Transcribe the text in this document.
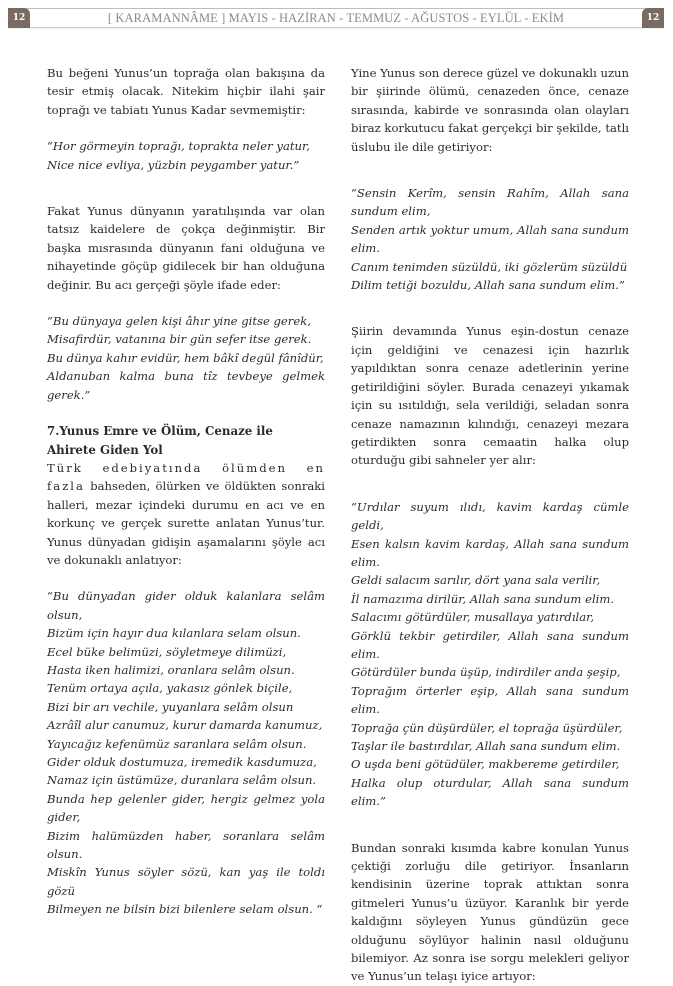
12	[ KARAMANNÂME ] MAYIS - HAZİRAN - TEMMUZ - AĞUSTOS - EYLÜL - EKİM	12

Bu beğeni Yunus’un toprağa olan bakışına da tesir etmiş olacak. Nitekim hiçbir ilahi şair toprağı ve tabiatı Yunus Kadar sevmemiştir:

“Hor görmeyin toprağı, toprakta neler yatur,
Nice nice evliya, yüzbin peygamber yatur.”

Fakat Yunus dünyanın yaratılışında var olan tatsız kaidelere de çokça değinmiştir. Bir başka mısrasında dünyanın fani olduğuna ve nihayetinde göçüp gidilecek bir han olduğuna değinir. Bu acı gerçeği şöyle ifade eder:

“Bu dünyaya gelen kişi âhır yine gitse gerek,
Misafirdür, vatanına bir gün sefer itse gerek.
Bu dünya kahır evidür, hem bâkî degül fânîdür,
Aldanuban kalma buna tîz tevbeye gelmek gerek.”

7.Yunus Emre ve Ölüm, Cenaze ile Ahirete Giden Yol

Türk edebiyatında ölümden en fazla bahseden, ölürken ve öldükten sonraki halleri, mezar içindeki durumu en acı ve en korkunç ve gerçek surette anlatan Yunus’tur. Yunus dünyadan gidişin aşamalarını şöyle acı ve dokunaklı anlatıyor:

“Bu dünyadan gider olduk kalanlara selâm olsun,
Bizüm için hayır dua kılanlara selam olsun.
Ecel büke belimüzi, söyletmeye dilimüzi,
Hasta iken halimizi, oranlara selâm olsun.
Tenüm ortaya açıla, yakasız gönlek biçile,
Bizi bir arı vechile, yuyanlara selâm olsun
Azrâîl alur canumuz, kurur damarda kanumuz,
Yayıcağız kefenümüz saranlara selâm olsun.
Gider olduk dostumuza, iremedik kasdumuza,
Namaz için üstümüze, duranlara selâm olsun.
Bunda hep gelenler gider, hergiz gelmez yola gider,
Bizim halümüzden haber, soranlara selâm olsun.
Miskîn Yunus söyler sözü, kan yaş ile toldı gözü
Bilmeyen ne bilsin bizi bilenlere selam olsun. “

Yine Yunus son derece güzel ve dokunaklı uzun bir şiirinde ölümü, cenazeden önce, cenaze sırasında, kabirde ve sonrasında olan olayları biraz korkutucu fakat gerçekçi bir şekilde, tatlı üslubu ile dile getiriyor:

“Sensin Kerîm, sensin Rahîm, Allah sana sundum elim,
Senden artık yoktur umum, Allah sana sundum elim.
Canım tenimden süzüldü, iki gözlerüm süzüldü
Dilim tetiği bozuldu, Allah sana sundum elim.”

Şiirin devamında Yunus eşin-dostun cenaze için geldiğini ve cenazesi için hazırlık yapıldıktan sonra cenaze adetlerinin yerine getirildiğini söyler. Burada cenazeyi yıkamak için su ısıtıldığı, sela verildiği, seladan sonra cenaze namazının kılındığı, cenazeyi mezara getirdikten sonra cemaatin halka olup oturduğu gibi sahneler yer alır:

“Urdılar suyum ılıdı, kavim kardaş cümle geldi,
Esen kalsın kavim kardaş, Allah sana sundum elim.
Geldi salacım sarılır, dört yana sala verilir,
İl namazıma dirilür, Allah sana sundum elim.
Salacımı götürdüler, musallaya yatırdılar,
Görklü tekbir getirdiler, Allah sana sundum elim.
Götürdüler bunda üşüp, indirdiler anda şeşip,
Toprağım örterler eşip, Allah sana sundum elim.
Toprağa çün düşürdüler, el toprağa üşürdüler,
Taşlar ile bastırdılar, Allah sana sundum elim.
O uşda beni götüdüler, makbereme getirdiler,
Halka olup oturdular, Allah sana sundum elim.”

Bundan sonraki kısımda kabre konulan Yunus çektiği zorluğu dile getiriyor. İnsanların kendisinin üzerine toprak attıktan sonra gitmeleri Yunus’u üzüyor. Karanlık bir yerde kaldığını söyleyen Yunus gündüzün gece olduğunu söylüyor halinin nasıl olduğunu bilemiyor. Az sonra ise sorgu melekleri geliyor ve Yunus’un telaşı iyice artıyor:
